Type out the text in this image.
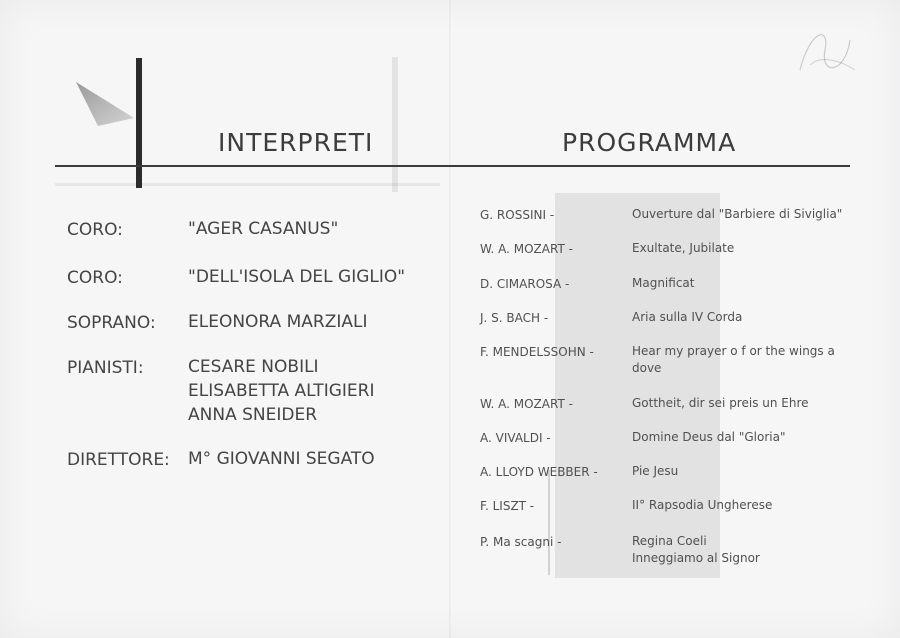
INTERPRETI	PROGRAMMA
CORO:	"AGER CASANUS"
CORO:	"DELL'ISOLA DEL GIGLIO"
SOPRANO: ELEONORA MARZIALI
PIANISTI:	CESARE NOBILI
ELISABETTA ALTIGIERI
ANNA SNEIDER
DIRETTORE: M° GIOVANNI SEGATO
G. ROSSINI -	Ouverture dal "Barbiere di Siviglia"
W. A. MOZART -	Exultate, Jubilate
D. CIMAROSA -	Magnificat
J. S. BACH -	Aria sulla IV Corda
F. MENDELSSOHN -	Hear my prayer o f or the wings a
dove
W. A. MOZART -	Gottheit, dir sei preis un Ehre
A. VIVALDI -	Domine Deus dal "Gloria"
A. LLOYD WEBBER -	Pie Jesu
F. LISZT -	II° Rapsodia Ungherese
P. Ma scagni -	Regina Coeli
Inneggiamo al Signor
